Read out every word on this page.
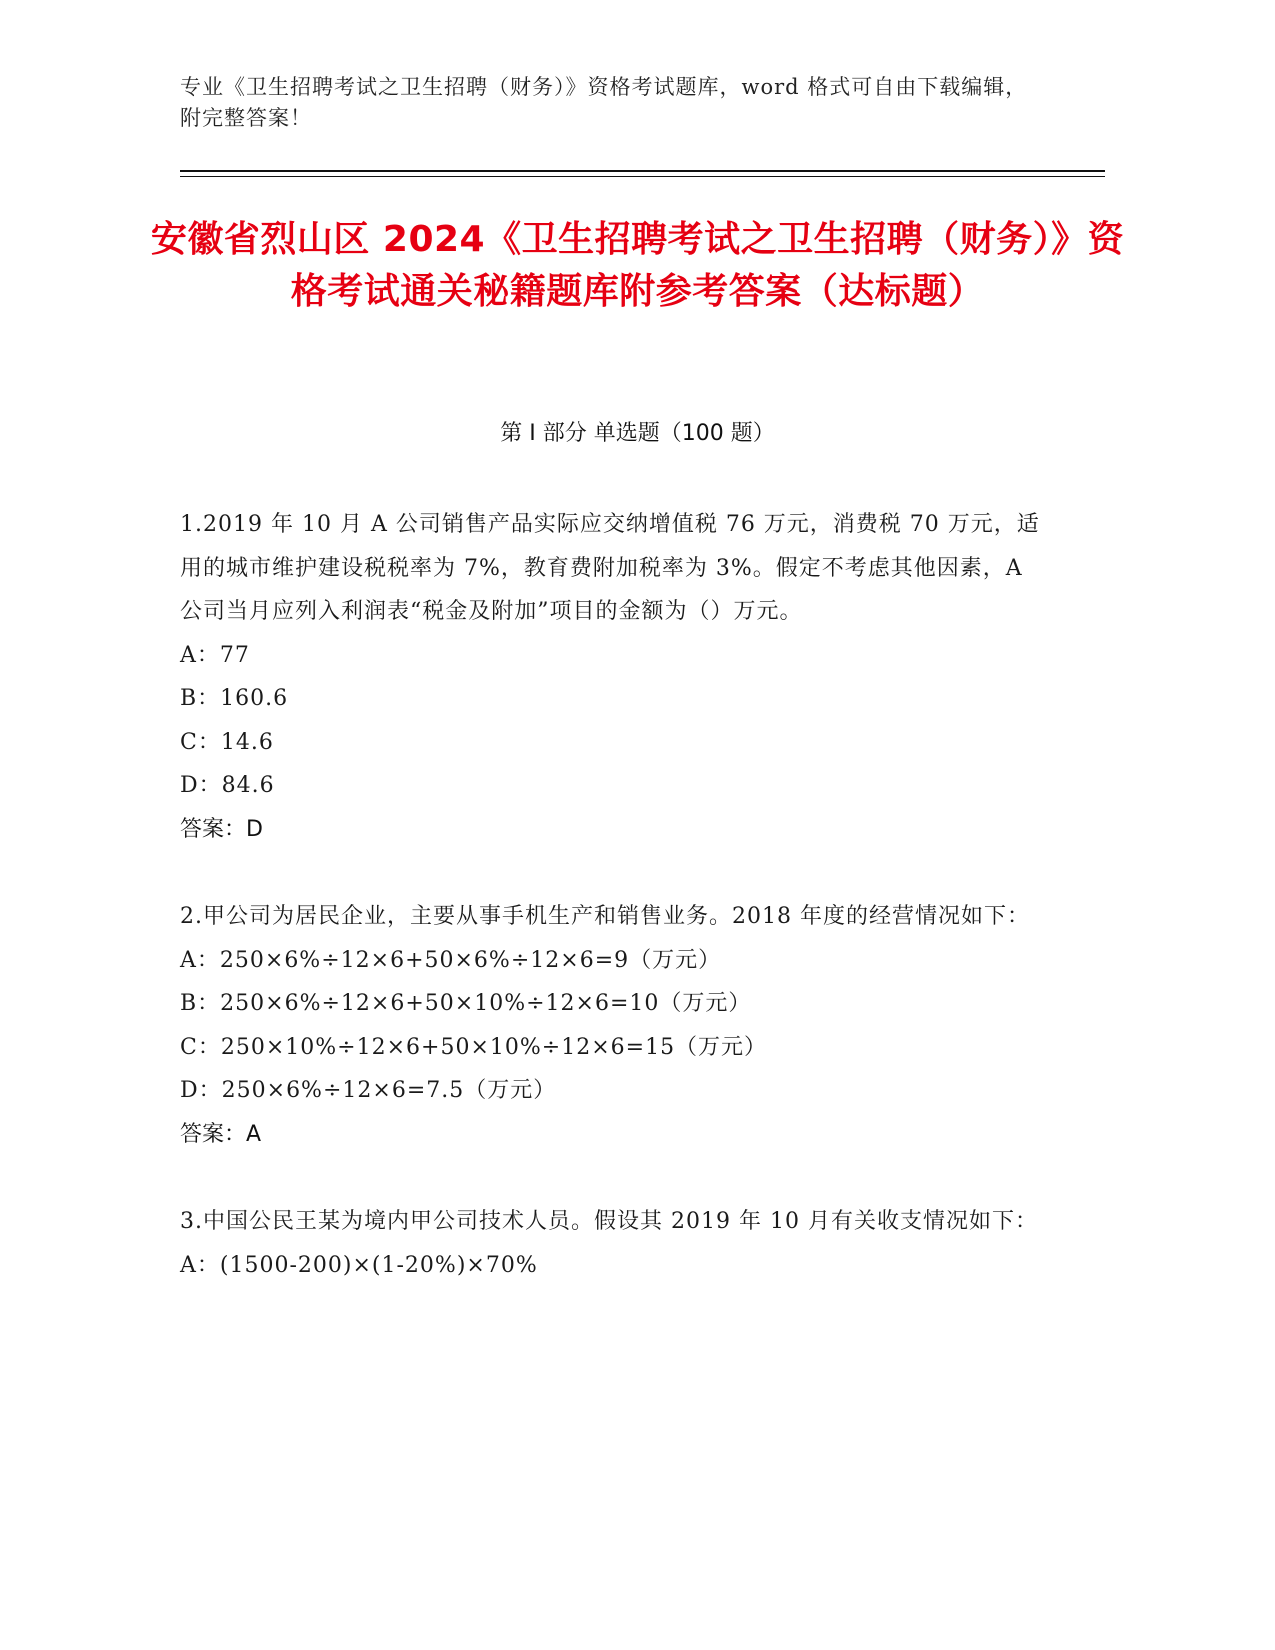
专业《卫生招聘考试之卫生招聘（财务）》资格考试题库，word 格式可自由下载编辑，附完整答案！
安徽省烈山区 2024《卫生招聘考试之卫生招聘（财务）》资格考试通关秘籍题库附参考答案（达标题）
第 I 部分 单选题（100 题）
1.2019 年 10 月 A 公司销售产品实际应交纳增值税 76 万元，消费税 70 万元，适用的城市维护建设税税率为 7%，教育费附加税率为 3%。假定不考虑其他因素，A 公司当月应列入利润表“税金及附加”项目的金额为（）万元。
A：77
B：160.6
C：14.6
D：84.6
答案：D
2.甲公司为居民企业，主要从事手机生产和销售业务。2018 年度的经营情况如下：
A：250×6%÷12×6+50×6%÷12×6=9（万元）
B：250×6%÷12×6+50×10%÷12×6=10（万元）
C：250×10%÷12×6+50×10%÷12×6=15（万元）
D：250×6%÷12×6=7.5（万元）
答案：A
3.中国公民王某为境内甲公司技术人员。假设其 2019 年 10 月有关收支情况如下：
A：(1500-200)×(1-20%)×70%
